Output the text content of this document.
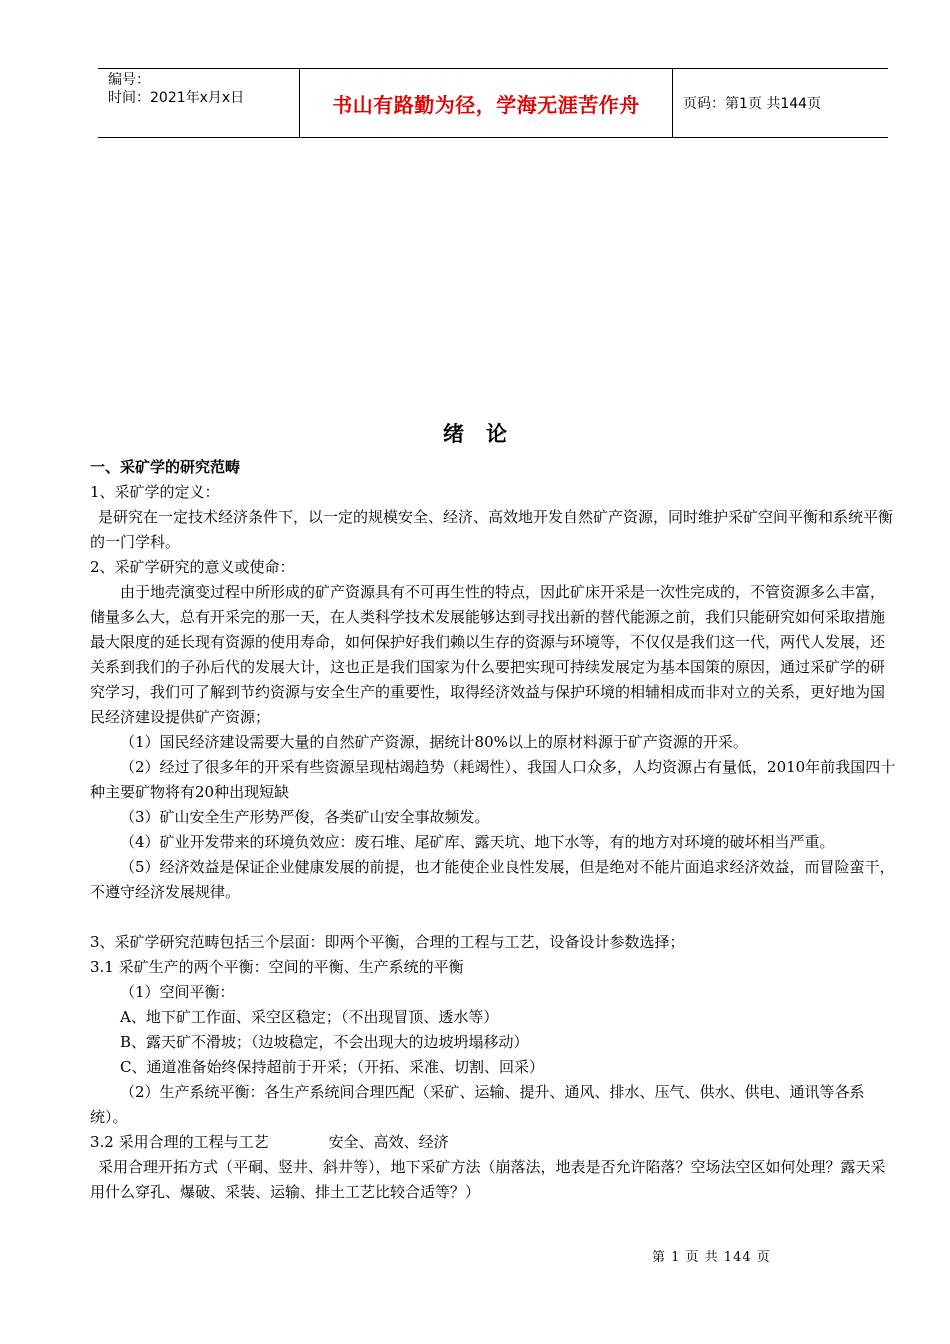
编号：
时间：2021年x月x日	书山有路勤为径，学海无涯苦作舟	页码：第1页 共144页
绪论

一、采矿学的研究范畴

1、采矿学的定义：

是研究在一定技术经济条件下，以一定的规模安全、经济、高效地开发自然矿产资源，同时维护采矿空间平衡和系统平衡的一门学科。

2、采矿学研究的意义或使命：

由于地壳演变过程中所形成的矿产资源具有不可再生性的特点，因此矿床开采是一次性完成的，不管资源多么丰富，储量多么大，总有开采完的那一天，在人类科学技术发展能够达到寻找出新的替代能源之前，我们只能研究如何采取措施最大限度的延长现有资源的使用寿命，如何保护好我们赖以生存的资源与环境等，不仅仅是我们这一代，两代人发展，还关系到我们的子孙后代的发展大计，这也正是我们国家为什么要把实现可持续发展定为基本国策的原因，通过采矿学的研究学习，我们可了解到节约资源与安全生产的重要性，取得经济效益与保护环境的相辅相成而非对立的关系，更好地为国民经济建设提供矿产资源；

（1）国民经济建设需要大量的自然矿产资源，据统计80%以上的原材料源于矿产资源的开采。

（2）经过了很多年的开采有些资源呈现枯竭趋势（耗竭性）、我国人口众多，人均资源占有量低，2010年前我国四十种主要矿物将有20种出现短缺

（3）矿山安全生产形势严俊，各类矿山安全事故频发。

（4）矿业开发带来的环境负效应：废石堆、尾矿库、露天坑、地下水等，有的地方对环境的破坏相当严重。

（5）经济效益是保证企业健康发展的前提，也才能使企业良性发展，但是绝对不能片面追求经济效益，而冒险蛮干，不遵守经济发展规律。

3、采矿学研究范畴包括三个层面：即两个平衡，合理的工程与工艺，设备设计参数选择；

3.1 采矿生产的两个平衡：空间的平衡、生产系统的平衡

（1）空间平衡：

A、地下矿工作面、采空区稳定；（不出现冒顶、透水等）

B、露天矿不滑坡；（边坡稳定，不会出现大的边坡坍塌移动）

C、通道准备始终保持超前于开采；（开拓、采准、切割、回采）

（2）生产系统平衡：各生产系统间合理匹配（采矿、运输、提升、通风、排水、压气、供水、供电、通讯等各系统）。

3.2 采用合理的工程与工艺	安全、高效、经济

采用合理开拓方式（平硐、竖井、斜井等），地下采矿方法（崩落法，地表是否允许陷落？空场法空区如何处理？露天采用什么穿孔、爆破、采装、运输、排土工艺比较合适等？）

第 1 页 共 144 页
